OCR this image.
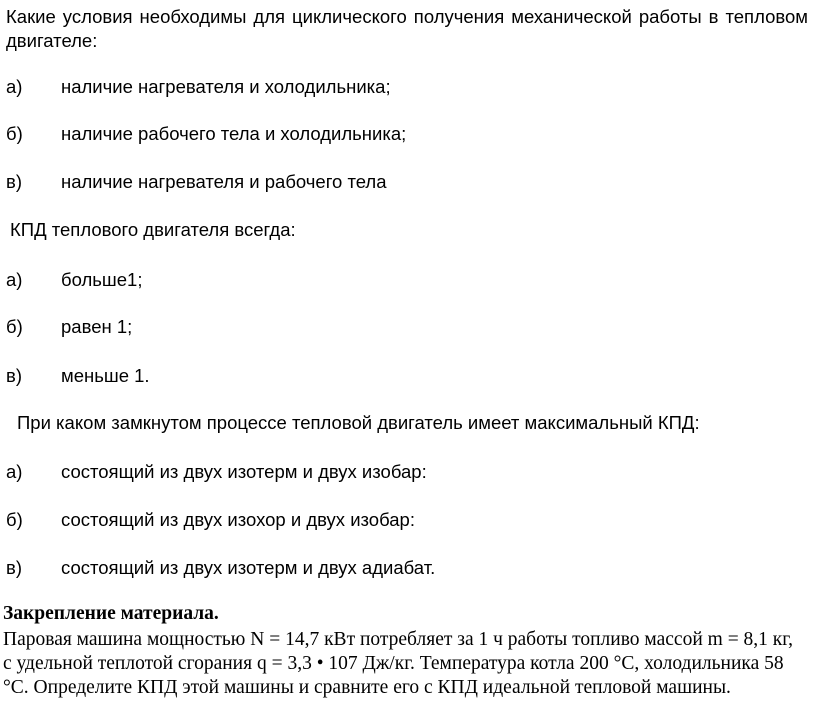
Какие условия необходимы для циклического получения механической работы в тепловом двигателе:
а) наличие нагревателя и холодильника;
б) наличие рабочего тела и холодильника;
в) наличие нагревателя и рабочего тела
КПД теплового двигателя всегда:
а) больше1;
б) равен 1;
в) меньше 1.
При каком замкнутом процессе тепловой двигатель имеет максимальный КПД:
а) состоящий из двух изотерм и двух изобар:
б) состоящий из двух изохор и двух изобар:
в) состоящий из двух изотерм и двух адиабат.
Закрепление материала.
Паровая машина мощностью N = 14,7 кВт потребляет за 1 ч работы топливо массой m = 8,1 кг, с удельной теплотой сгорания q = 3,3 • 107 Дж/кг. Температура котла 200 °С, холодильника 58 °С. Определите КПД этой машины и сравните его с КПД идеальной тепловой машины.
